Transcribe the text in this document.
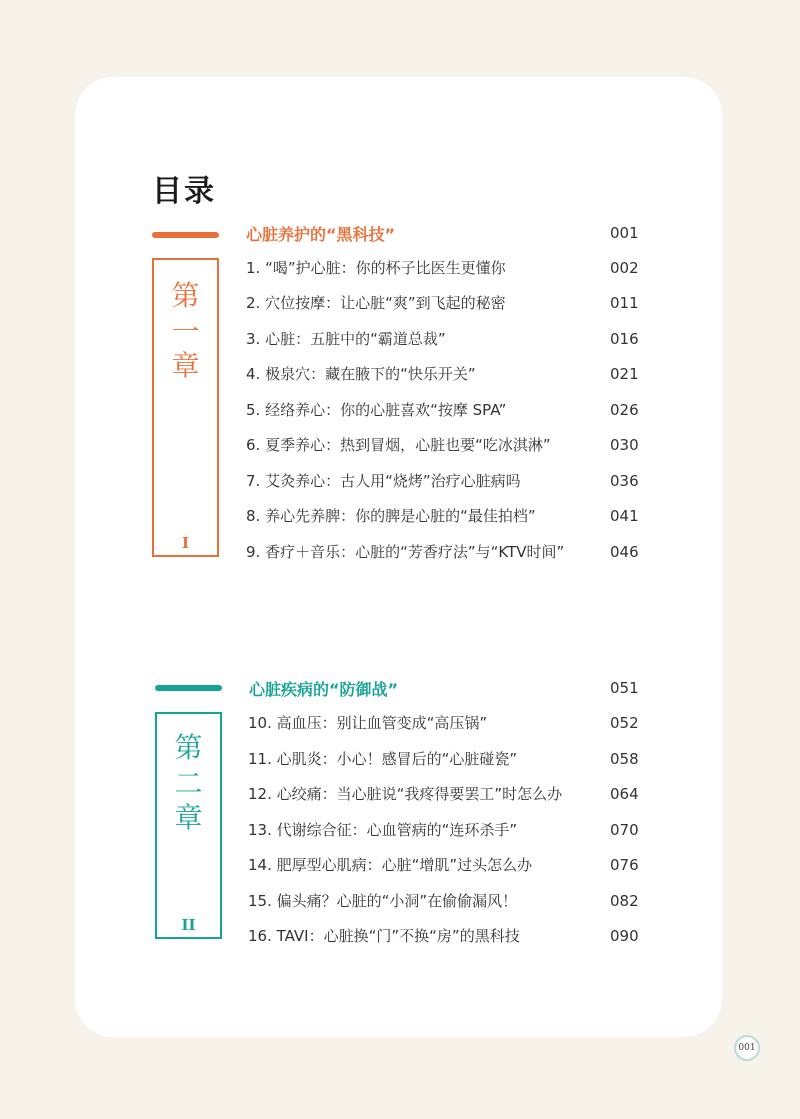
目录
第
一
章
I
心脏养护的“黑科技”	001
1. “喝”护心脏：你的杯子比医生更懂你	002
2. 穴位按摩：让心脏“爽”到飞起的秘密	011
3. 心脏：五脏中的“霸道总裁”	016
4. 极泉穴：藏在腋下的“快乐开关”	021
5. 经络养心：你的心脏喜欢“按摩 SPA”	026
6. 夏季养心：热到冒烟，心脏也要“吃冰淇淋”	030
7. 艾灸养心：古人用“烧烤”治疗心脏病吗	036
8. 养心先养脾：你的脾是心脏的“最佳拍档”	041
9. 香疗＋音乐：心脏的“芳香疗法”与“KTV时间”	046
第
二
章
II
心脏疾病的“防御战”	051
10. 高血压：别让血管变成“高压锅”	052
11. 心肌炎：小心！感冒后的“心脏碰瓷”	058
12. 心绞痛：当心脏说“我疼得要罢工”时怎么办	064
13. 代谢综合征：心血管病的“连环杀手”	070
14. 肥厚型心肌病：心脏“增肌”过头怎么办	076
15. 偏头痛？心脏的“小洞”在偷偷漏风！	082
16. TAVI：心脏换“门”不换“房”的黑科技	090
001
